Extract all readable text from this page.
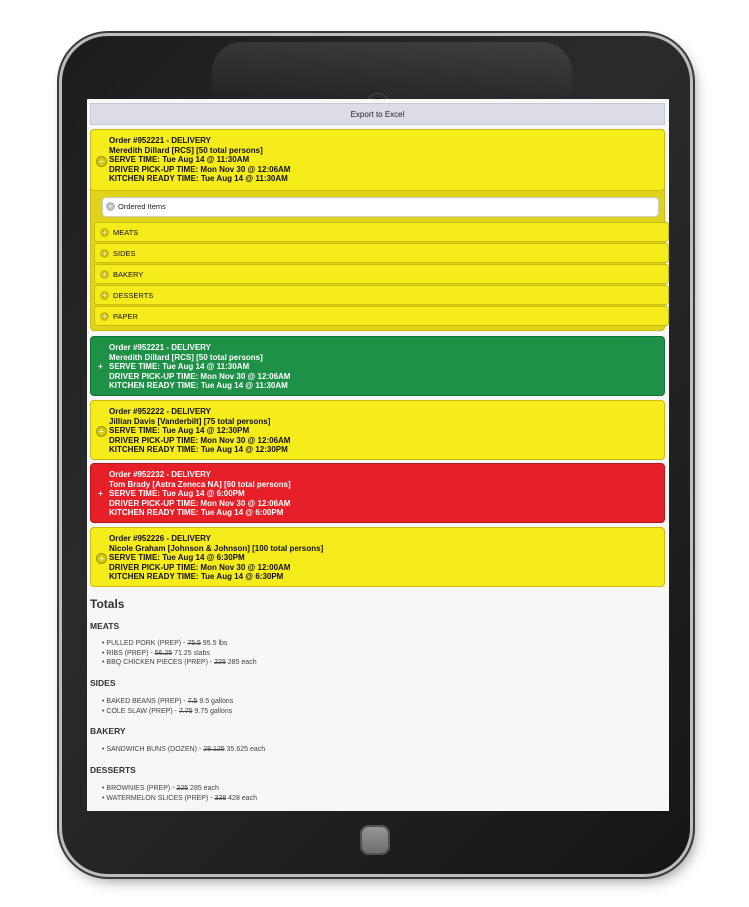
Export to Excel
−
Order #952221 - DELIVERY
Meredith Dillard [RCS] [50 total persons]
SERVE TIME: Tue Aug 14 @ 11:30AM
DRIVER PICK-UP TIME: Mon Nov 30 @ 12:06AM
KITCHEN READY TIME: Tue Aug 14 @ 11:30AM
+ Ordered Items
+ MEATS
+ SIDES
+ BAKERY
+ DESSERTS
+ PAPER
+
Order #952221 - DELIVERY
Meredith Dillard [RCS] [50 total persons]
SERVE TIME: Tue Aug 14 @ 11:30AM
DRIVER PICK-UP TIME: Mon Nov 30 @ 12:06AM
KITCHEN READY TIME: Tue Aug 14 @ 11:30AM
+
Order #952222 - DELIVERY
Jillian Davis [Vanderbilt] [75 total persons]
SERVE TIME: Tue Aug 14 @ 12:30PM
DRIVER PICK-UP TIME: Mon Nov 30 @ 12:06AM
KITCHEN READY TIME: Tue Aug 14 @ 12:30PM
+
Order #952232 - DELIVERY
Tom Brady [Astra Zeneca NA] [60 total persons]
SERVE TIME: Tue Aug 14 @ 6:00PM
DRIVER PICK-UP TIME: Mon Nov 30 @ 12:06AM
KITCHEN READY TIME: Tue Aug 14 @ 6:00PM
+
Order #952226 - DELIVERY
Nicole Graham [Johnson & Johnson] [100 total persons]
SERVE TIME: Tue Aug 14 @ 6:30PM
DRIVER PICK-UP TIME: Mon Nov 30 @ 12:00AM
KITCHEN READY TIME: Tue Aug 14 @ 6:30PM
Totals
MEATS
• PULLED PORK (PREP) - 75.5 95.5 lbs
• RIBS (PREP) - 56.25 71.25 slabs
• BBQ CHICKEN PIECES (PREP) - 225 285 each
SIDES
• BAKED BEANS (PREP) - 7.5 9.5 gallons
• COLE SLAW (PREP) - 7.75 9.75 gallons
BAKERY
• SANDWICH BUNS (DOZEN) - 28.125 35.625 each
DESSERTS
• BROWNIES (PREP) - 225 285 each
• WATERMELON SLICES (PREP) - 338 428 each
